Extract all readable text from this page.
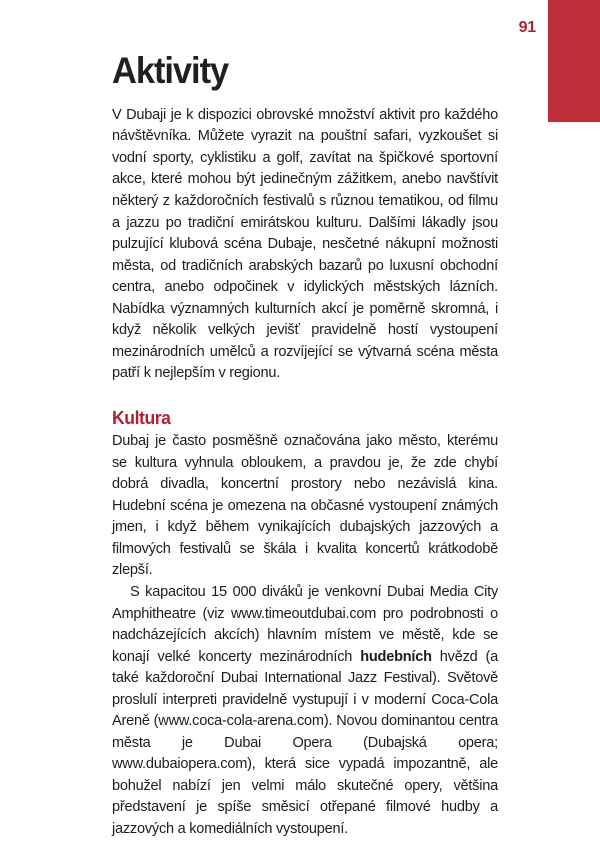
91
Aktivity

V Dubaji je k dispozici obrovské množství aktivit pro každého návštěvníka. Můžete vyrazit na pouštní safari, vyzkoušet si vodní sporty, cyklistiku a golf, zavítat na špičkové sportovní akce, které mohou být jedinečným zážitkem, anebo navštívit některý z každoročních festivalů s různou tematikou, od filmu a jazzu po tradiční emirátskou kulturu. Dalšími lákadly jsou pulzující klubová scéna Dubaje, nesčetné nákupní možnosti města, od tradičních arabských bazarů po luxusní obchodní centra, anebo odpočinek v idylických městských lázních. Nabídka významných kulturních akcí je poměrně skromná, i když několik velkých jevišť pravidelně hostí vystoupení mezinárodních umělců a rozvíjející se výtvarná scéna města patří k nejlepším v regionu.

Kultura

Dubaj je často posměšně označována jako město, kterému se kultura vyhnula obloukem, a pravdou je, že zde chybí dobrá divadla, koncertní prostory nebo nezávislá kina. Hudební scéna je omezena na občasné vystoupení známých jmen, i když během vynikajících dubajských jazzových a filmových festivalů se škála i kvalita koncertů krátkodobě zlepší.

S kapacitou 15 000 diváků je venkovní Dubai Media City Amphitheatre (viz www.timeoutdubai.com pro podrobnosti o nadcházejících akcích) hlavním místem ve městě, kde se konají velké koncerty mezinárodních hudebních hvězd (a také každoroční Dubai International Jazz Festival). Světově proslulí interpreti pravidelně vystupují i v moderní Coca-Cola Areně (www.coca-cola-arena.com). Novou dominantou centra města je Dubai Opera (Dubajská opera; www.dubaiopera.com), která sice vypadá impozantně, ale bohužel nabízí jen velmi málo skutečné opery, většina představení je spíše směsicí otřepané filmové hudby a jazzových a komediálních vystoupení.
